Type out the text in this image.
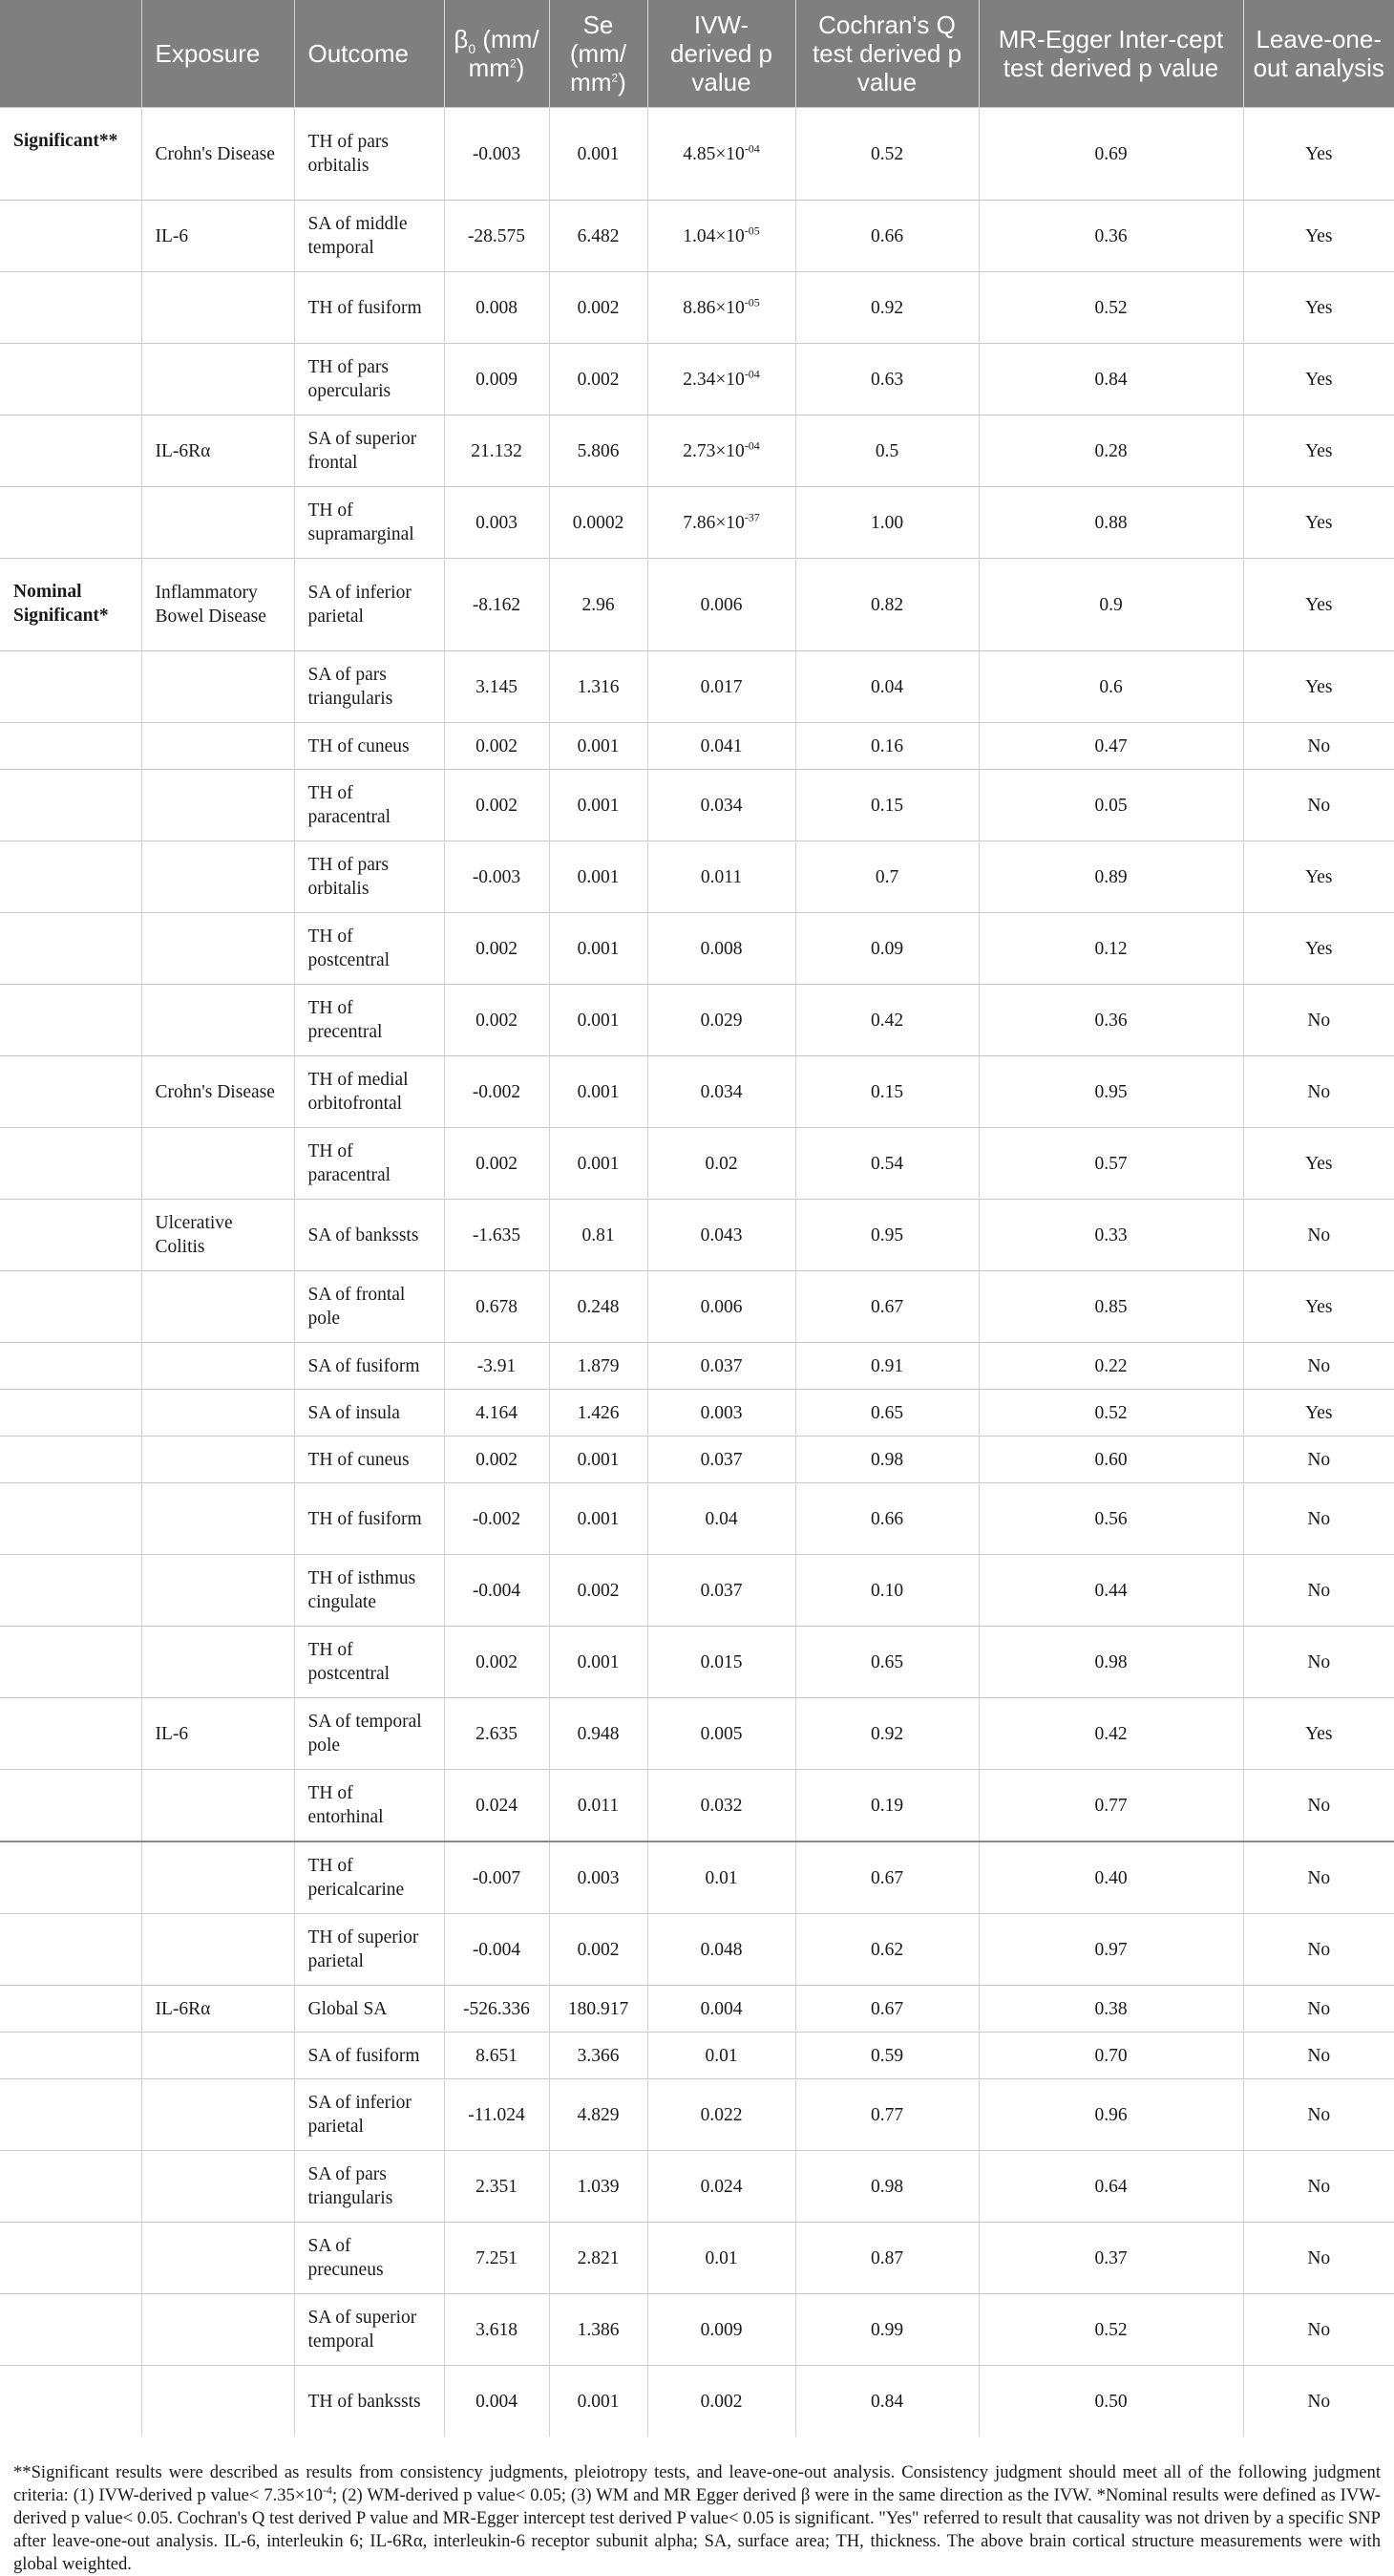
	Exposure	Outcome	$\beta_0$ (mm/ $mm^2$)	Se (mm/ $mm^2$)	IVW-derived p value	Cochran's Q test derived p value	MR-Egger Inter-cept test derived p value	Leave-one-out analysis
Significant**	Crohn's Disease	TH of pars orbitalis	-0.003	0.001	$4.85\times 10^{-04}$	0.52	0.69	Yes
	IL-6	SA of middle temporal	-28.575	6.482	$1.04\times 10^{-05}$	0.66	0.36	Yes
		TH of fusiform	0.008	0.002	$8.86\times 10^{-05}$	0.92	0.52	Yes
		TH of pars opercularis	0.009	0.002	$2.34\times 10^{-04}$	0.63	0.84	Yes
	IL-6Rα	SA of superior frontal	21.132	5.806	$2.73\times 10^{-04}$	0.5	0.28	Yes
		TH of supramarginal	0.003	0.0002	$7.86\times 10^{-37}$	1.00	0.88	Yes
Nominal Significant*	Inflammatory Bowel Disease	SA of inferior parietal	-8.162	2.96	0.006	0.82	0.9	Yes
		SA of pars triangularis	3.145	1.316	0.017	0.04	0.6	Yes
		TH of cuneus	0.002	0.001	0.041	0.16	0.47	No
		TH of paracentral	0.002	0.001	0.034	0.15	0.05	No
		TH of pars orbitalis	-0.003	0.001	0.011	0.7	0.89	Yes
		TH of postcentral	0.002	0.001	0.008	0.09	0.12	Yes
		TH of precentral	0.002	0.001	0.029	0.42	0.36	No
	Crohn's Disease	TH of medial orbitofrontal	-0.002	0.001	0.034	0.15	0.95	No
		TH of paracentral	0.002	0.001	0.02	0.54	0.57	Yes
	Ulcerative Colitis	SA of bankssts	-1.635	0.81	0.043	0.95	0.33	No
		SA of frontal pole	0.678	0.248	0.006	0.67	0.85	Yes
		SA of fusiform	-3.91	1.879	0.037	0.91	0.22	No
		SA of insula	4.164	1.426	0.003	0.65	0.52	Yes
		TH of cuneus	0.002	0.001	0.037	0.98	0.60	No
		TH of fusiform	-0.002	0.001	0.04	0.66	0.56	No
		TH of isthmus cingulate	-0.004	0.002	0.037	0.10	0.44	No
		TH of postcentral	0.002	0.001	0.015	0.65	0.98	No
	IL-6	SA of temporal pole	2.635	0.948	0.005	0.92	0.42	Yes
		TH of entorhinal	0.024	0.011	0.032	0.19	0.77	No
		TH of pericalcarine	-0.007	0.003	0.01	0.67	0.40	No
		TH of superior parietal	-0.004	0.002	0.048	0.62	0.97	No
	IL-6Rα	Global SA	-526.336	180.917	0.004	0.67	0.38	No
		SA of fusiform	8.651	3.366	0.01	0.59	0.70	No
		SA of inferior parietal	-11.024	4.829	0.022	0.77	0.96	No
		SA of pars triangularis	2.351	1.039	0.024	0.98	0.64	No
		SA of precuneus	7.251	2.821	0.01	0.87	0.37	No
		SA of superior temporal	3.618	1.386	0.009	0.99	0.52	No
		TH of bankssts	0.004	0.001	0.002	0.84	0.50	No
**Significant results were described as results from consistency judgments, pleiotropy tests, and leave-one-out analysis. Consistency judgment should meet all of the following judgment criteria: (1) IVW-derived p value< $7.35\times 10^{-4}$; (2) WM-derived p value< 0.05; (3) WM and MR Egger derived β were in the same direction as the IVW. *Nominal results were defined as IVW-derived p value< 0.05. Cochran's Q test derived P value and MR-Egger intercept test derived P value< 0.05 is significant. "Yes" referred to result that causality was not driven by a specific SNP after leave-one-out analysis. IL-6, interleukin 6; IL-6Rα, interleukin-6 receptor subunit alpha; SA, surface area; TH, thickness. The above brain cortical structure measurements were with global weighted.
